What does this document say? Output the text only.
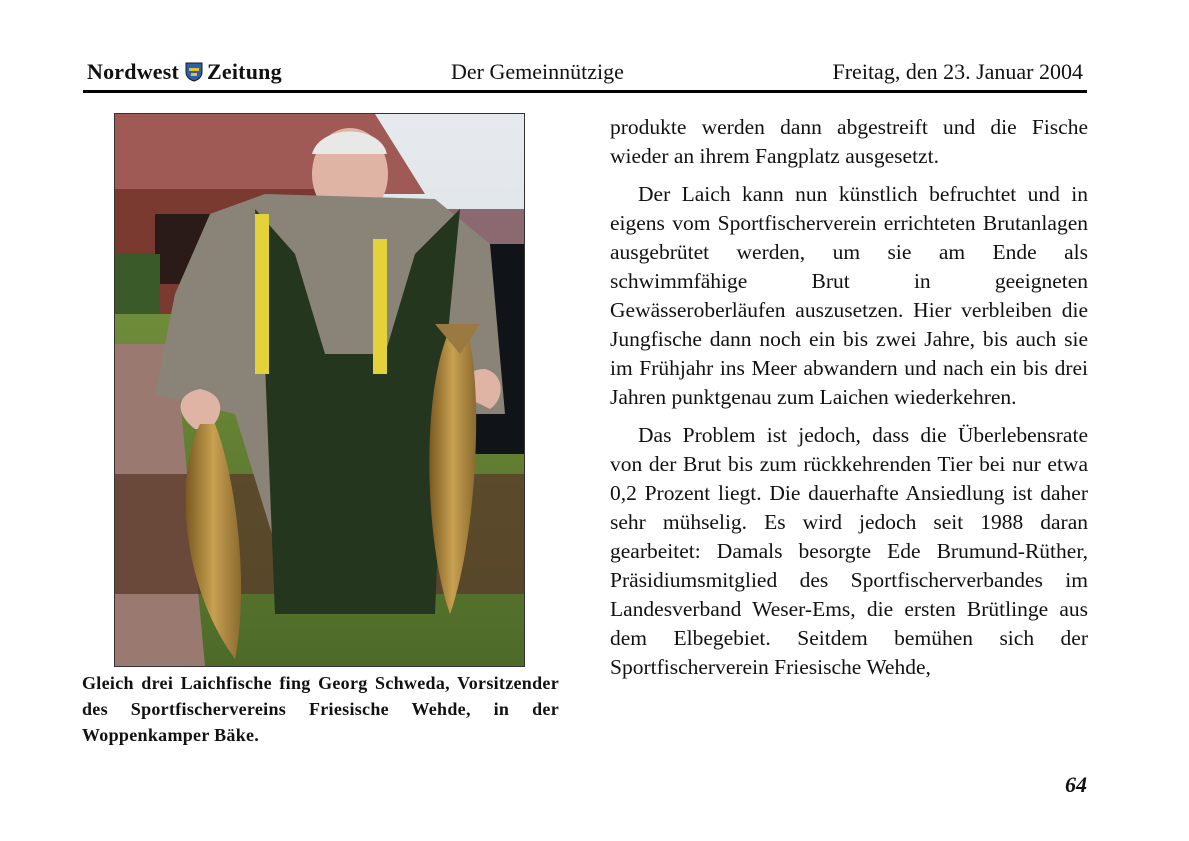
Nordwest Zeitung	Der Gemeinnützige	Freitag, den 23. Januar 2004
Gleich drei Laichfische fing Georg Schweda, Vorsitzender des Sportfischervereins Friesische Wehde, in der Woppenkamper Bäke.

produkte werden dann abgestreift und die Fische wieder an ihrem Fangplatz ausgesetzt.

Der Laich kann nun künstlich befruchtet und in eigens vom Sportfischerverein errichteten Brutanlagen ausgebrütet werden, um sie am Ende als schwimmfähige Brut in geeigneten Gewässeroberläufen auszusetzen. Hier verbleiben die Jungfische dann noch ein bis zwei Jahre, bis auch sie im Frühjahr ins Meer abwandern und nach ein bis drei Jahren punktgenau zum Laichen wiederkehren.

Das Problem ist jedoch, dass die Überlebensrate von der Brut bis zum rückkehrenden Tier bei nur etwa 0,2 Prozent liegt. Die dauerhafte Ansiedlung ist daher sehr mühselig. Es wird jedoch seit 1988 daran gearbeitet: Damals besorgte Ede Brumund-Rüther, Präsidiumsmitglied des Sportfischerverbandes im Landesverband Weser-Ems, die ersten Brütlinge aus dem Elbegebiet. Seitdem bemühen sich der Sportfischerverein Friesische Wehde,

64
